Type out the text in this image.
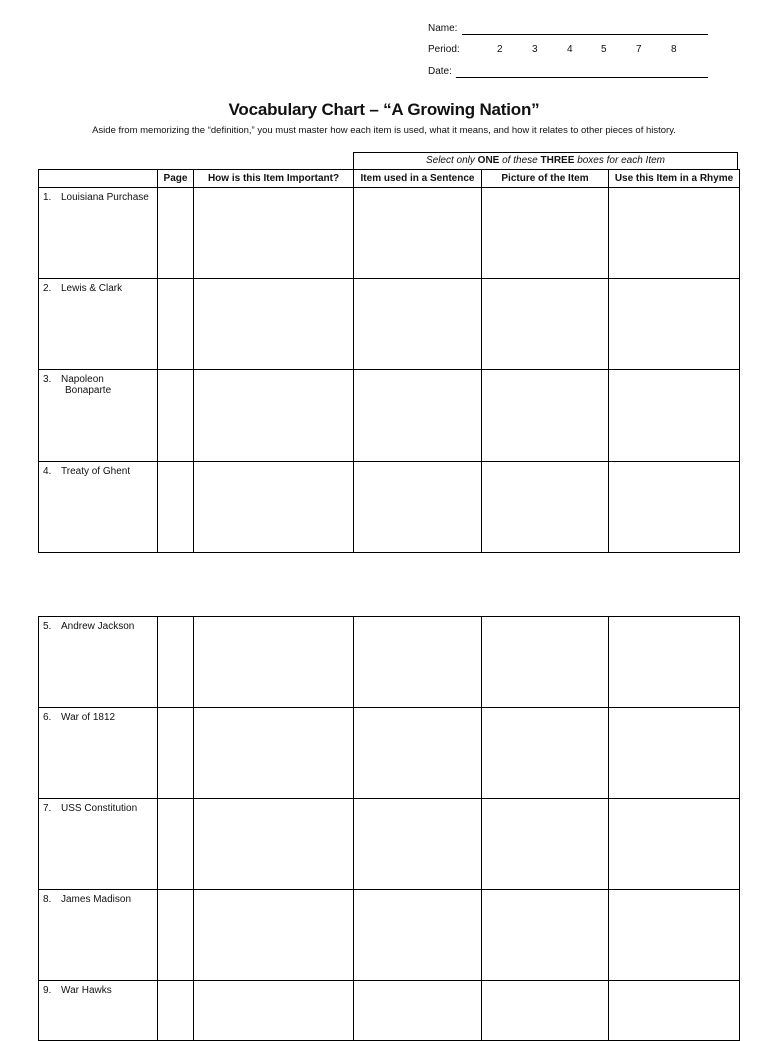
Name:
Period:	2	3	4	5	7	8
Date:
Vocabulary Chart – “A Growing Nation”
Aside from memorizing the “definition,” you must master how each item is used, what it means, and how it relates to other pieces of history.
Select only ONE of these THREE boxes for each Item
	Page	How is this Item Important?	Item used in a Sentence	Picture of the Item	Use this Item in a Rhyme
1. Louisiana Purchase					
2. Lewis & Clark					
3. Napoleon
Bonaparte					
4. Treaty of Ghent					
5. Andrew Jackson					
6. War of 1812					
7. USS Constitution					
8. James Madison					
9. War Hawks					
